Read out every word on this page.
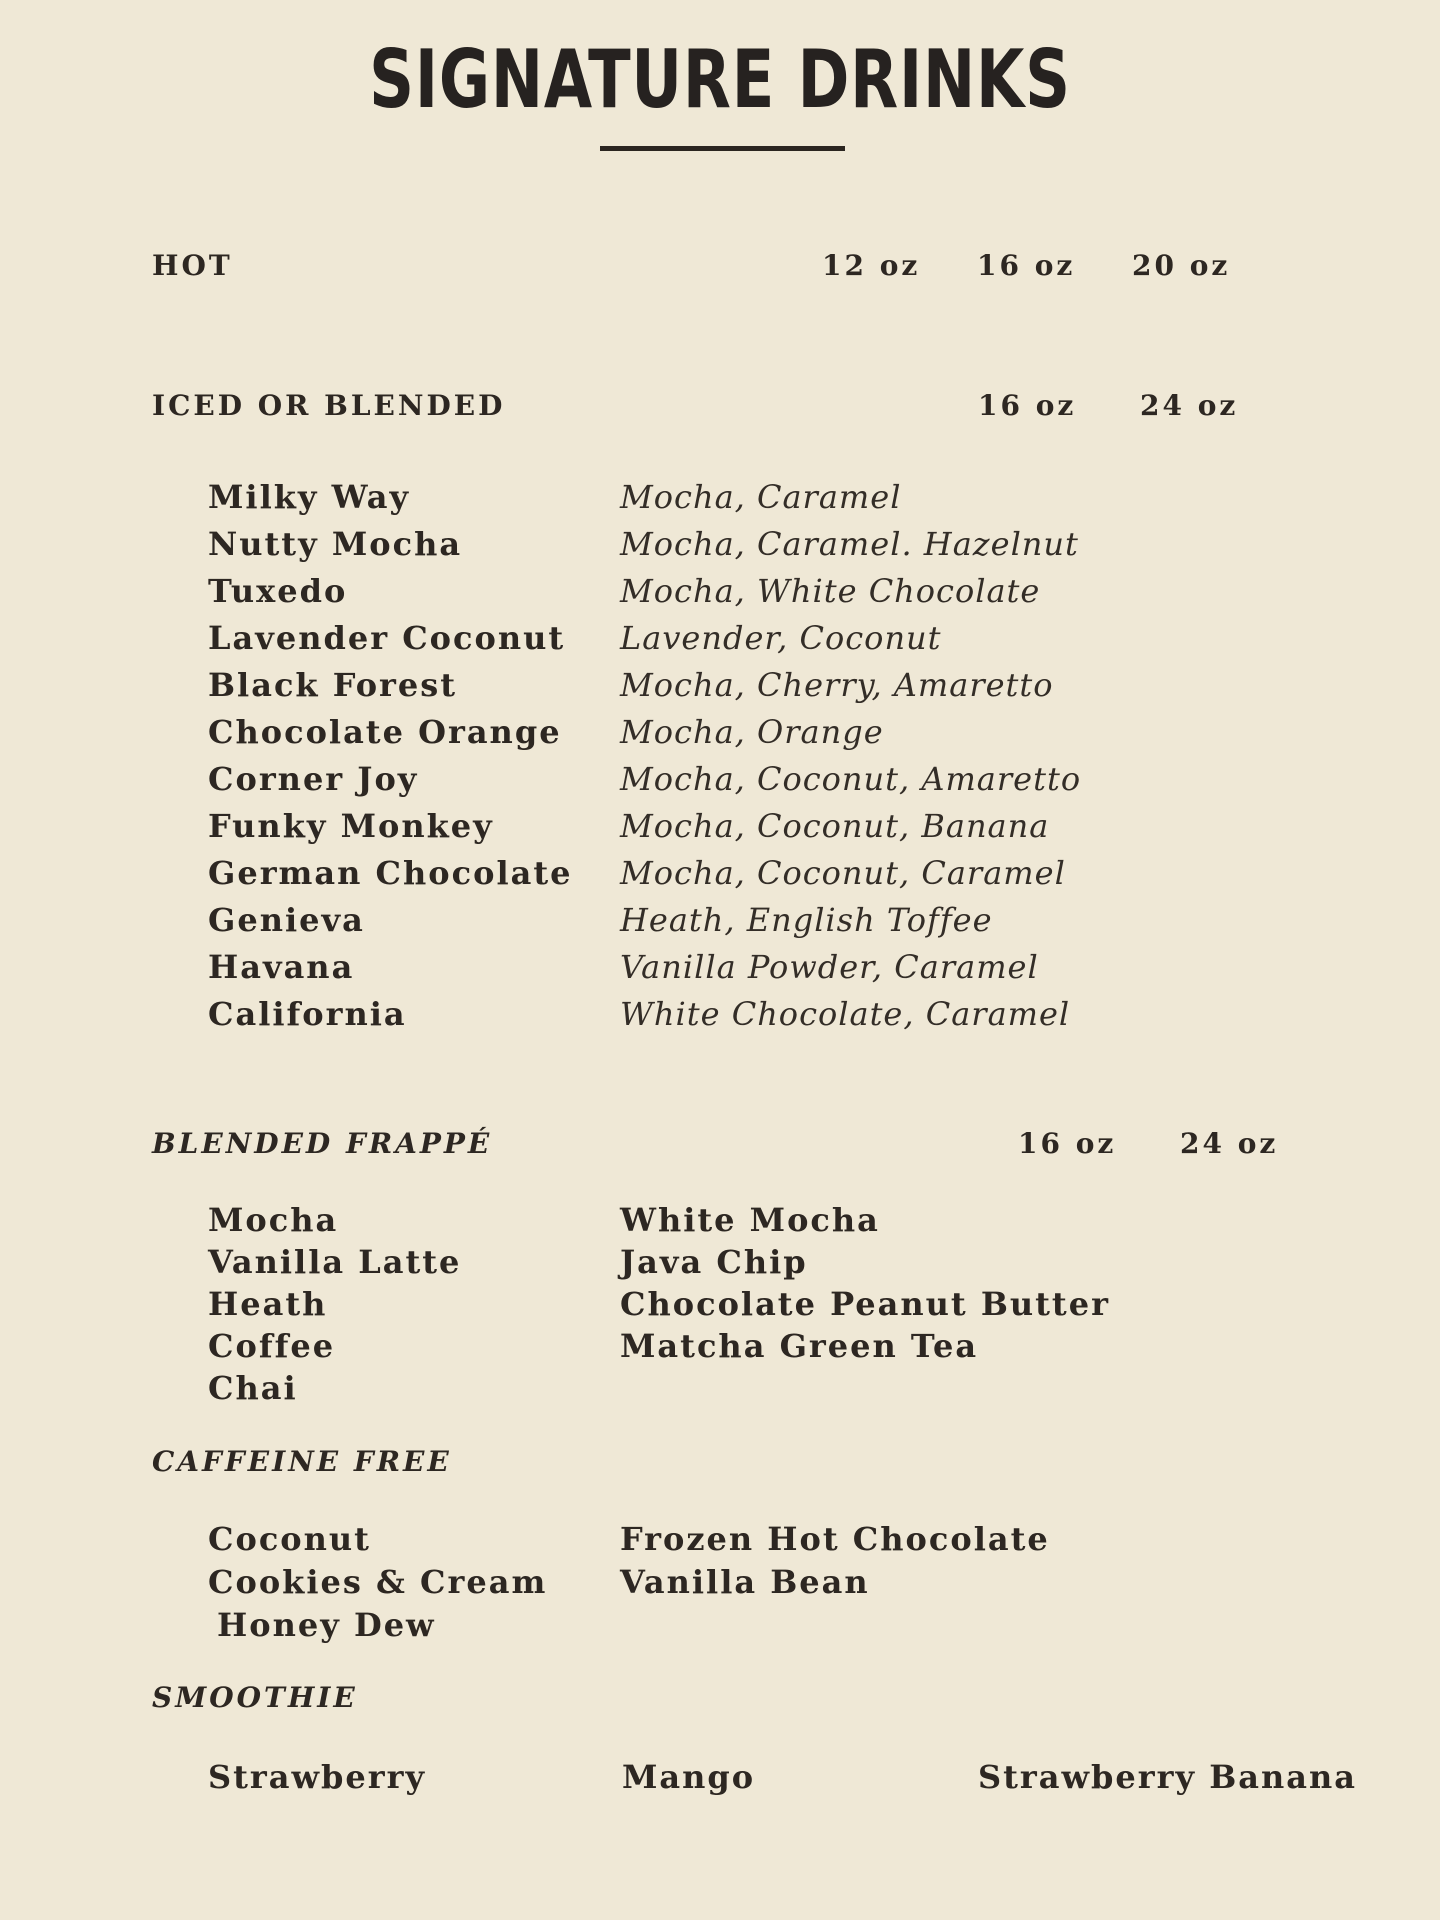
SIGNATURE DRINKS
HOT	12 oz 16 oz 20 oz
ICED OR BLENDED	16 oz 24 oz
Milky Way	Mocha, Caramel
Nutty Mocha	Mocha, Caramel. Hazelnut
Tuxedo	Mocha, White Chocolate
Lavender Coconut	Lavender, Coconut
Black Forest	Mocha, Cherry, Amaretto
Chocolate Orange	Mocha, Orange
Corner Joy	Mocha, Coconut, Amaretto
Funky Monkey	Mocha, Coconut, Banana
German Chocolate	Mocha, Coconut, Caramel
Genieva	Heath, English Toffee
Havana	Vanilla Powder, Caramel
California	White Chocolate, Caramel
BLENDED FRAPPÉ	16 oz 24 oz
Mocha	White Mocha
Vanilla Latte	Java Chip
Heath	Chocolate Peanut Butter
Coffee	Matcha Green Tea
Chai
CAFFEINE FREE
Coconut	Frozen Hot Chocolate
Cookies & Cream	Vanilla Bean
Honey Dew
SMOOTHIE
Strawberry	Mango	Strawberry Banana
